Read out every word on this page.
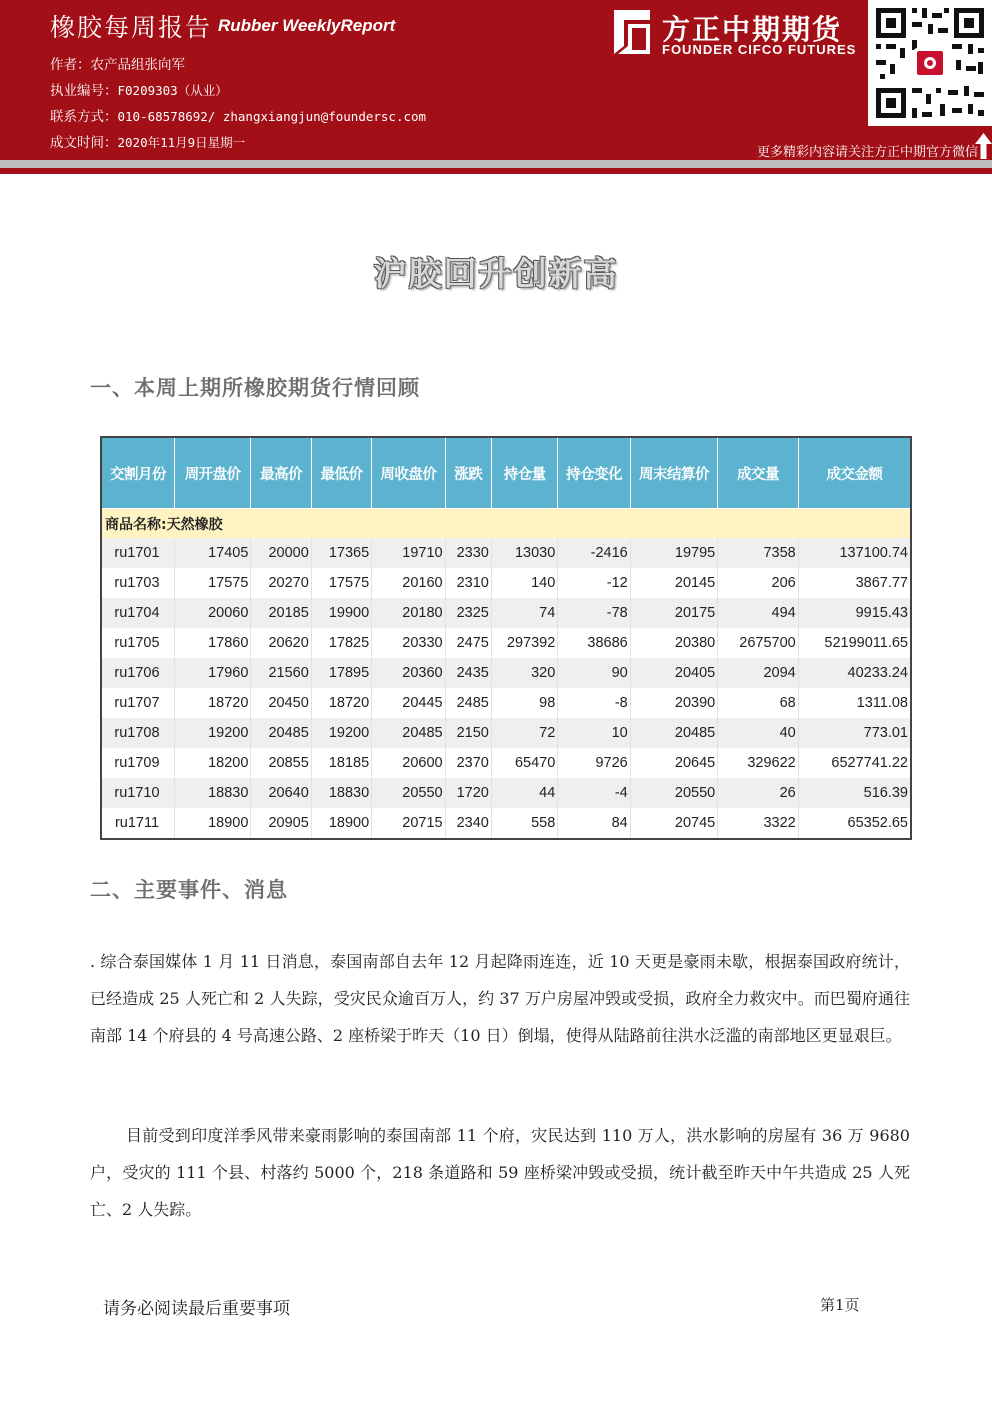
橡胶每周报告 Rubber WeeklyReport
作者：农产品组张向军
执业编号：F0209303（从业）
联系方式：010-68578692/ zhangxiangjun@foundersc.com
成文时间：2020年11月9日星期一
方正中期期货
FOUNDER CIFCO FUTURES
更多精彩内容请关注方正中期官方微信
沪胶回升创新高
一、本周上期所橡胶期货行情回顾
交割月份	周开盘价	最高价	最低价	周收盘价	涨跌	持仓量	持仓变化	周末结算价	成交量	成交金额
商品名称:天然橡胶										
ru1701	17405	20000	17365	19710	2330	13030	-2416	19795	7358	137100.74
ru1703	17575	20270	17575	20160	2310	140	-12	20145	206	3867.77
ru1704	20060	20185	19900	20180	2325	74	-78	20175	494	9915.43
ru1705	17860	20620	17825	20330	2475	297392	38686	20380	2675700	52199011.65
ru1706	17960	21560	17895	20360	2435	320	90	20405	2094	40233.24
ru1707	18720	20450	18720	20445	2485	98	-8	20390	68	1311.08
ru1708	19200	20485	19200	20485	2150	72	10	20485	40	773.01
ru1709	18200	20855	18185	20600	2370	65470	9726	20645	329622	6527741.22
ru1710	18830	20640	18830	20550	1720	44	-4	20550	26	516.39
ru1711	18900	20905	18900	20715	2340	558	84	20745	3322	65352.65
二、主要事件、消息
. 综合泰国媒体 1 月 11 日消息，泰国南部自去年 12 月起降雨连连，近 10 天更是豪雨未歇，根据泰国政府统计，已经造成 25 人死亡和 2 人失踪，受灾民众逾百万人，约 37 万户房屋冲毁或受损，政府全力救灾中。而巴蜀府通往南部 14 个府县的 4 号高速公路、2 座桥梁于昨天（10 日）倒塌，使得从陆路前往洪水泛滥的南部地区更显艰巨。
目前受到印度洋季风带来豪雨影响的泰国南部 11 个府，灾民达到 110 万人，洪水影响的房屋有 36 万 9680 户，受灾的 111 个县、村落约 5000 个，218 条道路和 59 座桥梁冲毁或受损，统计截至昨天中午共造成 25 人死亡、2 人失踪。
请务必阅读最后重要事项	第1页
